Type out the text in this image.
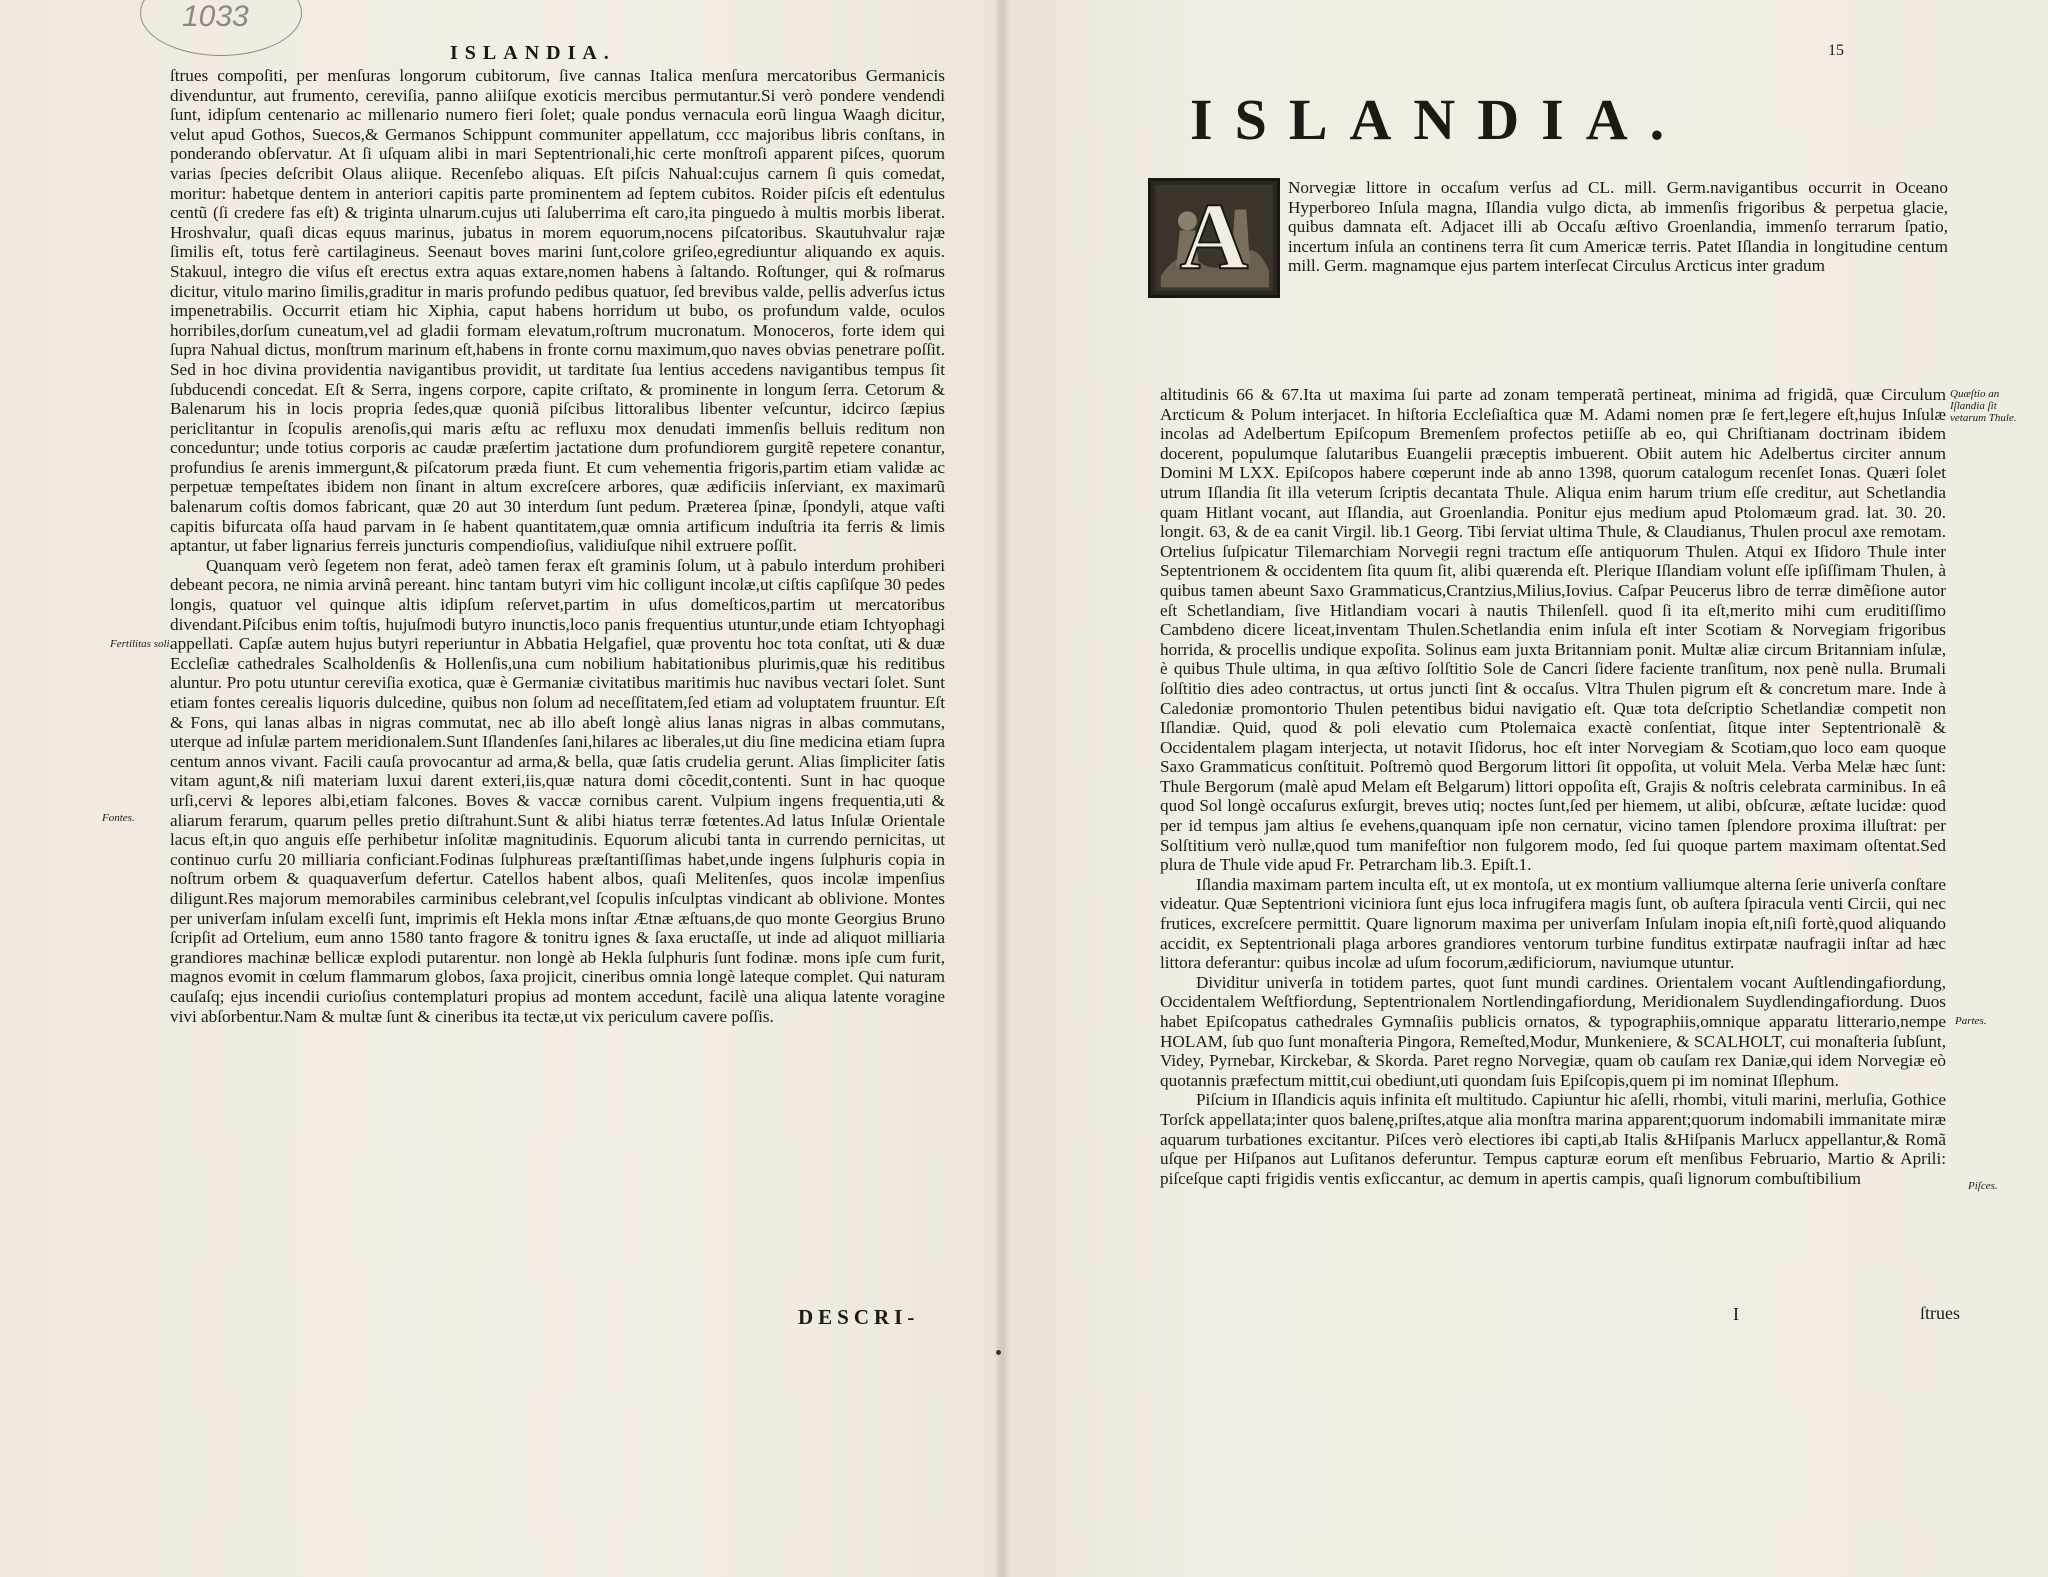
1033
ISLANDIA.

ſtrues compoſiti, per menſuras longorum cubitorum, ſive cannas Italica menſura mercatoribus Germanicis divenduntur, aut frumento, cereviſia, panno aliiſque exoticis mercibus permutantur.Si verò pondere vendendi ſunt, idipſum centenario ac millenario numero fieri ſolet; quale pondus vernacula eorũ lingua Waagh dicitur, velut apud Gothos, Suecos,& Germanos Schippunt communiter appellatum, ccc majoribus libris conſtans, in ponderando obſervatur. At ſi uſquam alibi in mari Septentrionali,hic certe monſtroſi apparent piſces, quorum varias ſpecies deſcribit Olaus aliique. Recenſebo aliquas. Eſt piſcis Nahual:cujus carnem ſi quis comedat, moritur: habetque dentem in anteriori capitis parte prominentem ad ſeptem cubitos. Roider piſcis eſt edentulus centũ (ſi credere fas eſt) & triginta ulnarum.cujus uti ſaluberrima eſt caro,ita pinguedo à multis morbis liberat. Hroshvalur, quaſi dicas equus marinus, jubatus in morem equorum,nocens piſcatoribus. Skautuhvalur rajæ ſimilis eſt, totus ferè cartilagineus. Seenaut boves marini ſunt,colore griſeo,egrediuntur aliquando ex aquis. Stakuul, integro die viſus eſt erectus extra aquas extare,nomen habens à ſaltando. Roſtunger, qui & roſmarus dicitur, vitulo marino ſimilis,graditur in maris profundo pedibus quatuor, ſed brevibus valde, pellis adverſus ictus impenetrabilis. Occurrit etiam hic Xiphia, caput habens horridum ut bubo, os profundum valde, oculos horribiles,dorſum cuneatum,vel ad gladii formam elevatum,roſtrum mucronatum. Monoceros, forte idem qui ſupra Nahual dictus, monſtrum marinum eſt,habens in fronte cornu maximum,quo naves obvias penetrare poſſit. Sed in hoc divina providentia navigantibus providit, ut tarditate ſua lentius accedens navigantibus tempus ſit ſubducendi concedat. Eſt & Serra, ingens corpore, capite criſtato, & prominente in longum ſerra. Cetorum & Balenarum his in locis propria ſedes,quæ quoniã piſcibus littoralibus libenter veſcuntur, idcirco ſæpius periclitantur in ſcopulis arenoſis,qui maris æſtu ac refluxu mox denudati immenſis belluis reditum non conceduntur; unde totius corporis ac caudæ præſertim jactatione dum profundiorem gurgitẽ repetere conantur, profundius ſe arenis immergunt,& piſcatorum præda fiunt. Et cum vehementia frigoris,partim etiam validæ ac perpetuæ tempeſtates ibidem non ſinant in altum excreſcere arbores, quæ ædificiis inſerviant, ex maximarũ balenarum coſtis domos fabricant, quæ 20 aut 30 interdum ſunt pedum. Præterea ſpinæ, ſpondyli, atque vaſti capitis bifurcata oſſa haud parvam in ſe habent quantitatem,quæ omnia artificum induſtria ita ferris & limis aptantur, ut faber lignarius ferreis juncturis compendioſius, validiuſque nihil extruere poſſit.

Quanquam verò ſegetem non ferat, adeò tamen ferax eſt graminis ſolum, ut à pabulo interdum prohiberi debeant pecora, ne nimia arvinâ pereant. hinc tantam butyri vim hic colligunt incolæ,ut ciſtis capſiſque 30 pedes longis, quatuor vel quinque altis idipſum reſervet,partim in uſus domeſticos,partim ut mercatoribus divendant.Piſcibus enim toſtis, hujuſmodi butyro inunctis,loco panis frequentius utuntur,unde etiam Ichtyophagi appellati. Capſæ autem hujus butyri reperiuntur in Abbatia Helgafiel, quæ proventu hoc tota conſtat, uti & duæ Eccleſiæ cathedrales Scalholdenſis & Hollenſis,una cum nobilium habitationibus plurimis,quæ his reditibus aluntur. Pro potu utuntur cereviſia exotica, quæ è Germaniæ civitatibus maritimis huc navibus vectari ſolet. Sunt etiam fontes cerealis liquoris dulcedine, quibus non ſolum ad neceſſitatem,ſed etiam ad voluptatem fruuntur. Eſt & Fons, qui lanas albas in nigras commutat, nec ab illo abeſt longè alius lanas nigras in albas commutans, uterque ad inſulæ partem meridionalem.Sunt Iſlandenſes ſani,hilares ac liberales,ut diu ſine medicina etiam ſupra centum annos vivant. Facili cauſa provocantur ad arma,& bella, quæ ſatis crudelia gerunt. Alias ſimpliciter ſatis vitam agunt,& niſi materiam luxui darent exteri,iis,quæ natura domi cõcedit,contenti. Sunt in hac quoque urſi,cervi & lepores albi,etiam falcones. Boves & vaccæ cornibus carent. Vulpium ingens frequentia,uti & aliarum ferarum, quarum pelles pretio diſtrahunt.Sunt & alibi hiatus terræ fœtentes.Ad latus Inſulæ Orientale lacus eſt,in quo anguis eſſe perhibetur inſolitæ magnitudinis. Equorum alicubi tanta in currendo pernicitas, ut continuo curſu 20 milliaria conficiant.Fodinas ſulphureas præſtantiſſimas habet,unde ingens ſulphuris copia in noſtrum orbem & quaquaverſum defertur. Catellos habent albos, quaſi Melitenſes, quos incolæ impenſius diligunt.Res majorum memorabiles carminibus celebrant,vel ſcopulis inſculptas vindicant ab oblivione. Montes per univerſam inſulam excelſi ſunt, imprimis eſt Hekla mons inſtar Ætnæ æſtuans,de quo monte Georgius Bruno ſcripſit ad Ortelium, eum anno 1580 tanto fragore & tonitru ignes & ſaxa eructaſſe, ut inde ad aliquot milliaria grandiores machinæ bellicæ explodi putarentur. non longè ab Hekla ſulphuris ſunt fodinæ. mons ipſe cum furit, magnos evomit in cœlum flammarum globos, ſaxa projicit, cineribus omnia longè lateque complet. Qui naturam cauſaſq; ejus incendii curioſius contemplaturi propius ad montem accedunt, facilè una aliqua latente voragine vivi abſorbentur.Nam & multæ ſunt & cineribus ita tectæ,ut vix periculum cavere poſſis.

Fertilitas soli.
Fontes.
DESCRI-
15
ISLANDIA.
A Norvegiæ littore in occaſum verſus ad CL. mill. Germ.navigantibus occurrit in Oceano Hyperboreo Inſula magna, Iſlandia vulgo dicta, ab immenſis frigoribus & perpetua glacie, quibus damnata eſt. Adjacet illi ab Occaſu æſtivo Groenlandia, immenſo terrarum ſpatio, incertum inſula an continens terra ſit cum Americæ terris. Patet Iſlandia in longitudine centum mill. Germ. magnamque ejus partem interſecat Circulus Arcticus inter gradum

altitudinis 66 & 67.Ita ut maxima ſui parte ad zonam temperatã pertineat, minima ad frigidã, quæ Circulum Arcticum & Polum interjacet. In hiſtoria Eccleſiaſtica quæ M. Adami nomen præ ſe fert,legere eſt,hujus Inſulæ incolas ad Adelbertum Epiſcopum Bremenſem profectos petiiſſe ab eo, qui Chriſtianam doctrinam ibidem docerent, populumque ſalutaribus Euangelii præceptis imbuerent. Obiit autem hic Adelbertus circiter annum Domini M LXX. Epiſcopos habere cœperunt inde ab anno 1398, quorum catalogum recenſet Ionas. Quæri ſolet utrum Iſlandia ſit illa veterum ſcriptis decantata Thule. Aliqua enim harum trium eſſe creditur, aut Schetlandia quam Hitlant vocant, aut Iſlandia, aut Groenlandia. Ponitur ejus medium apud Ptolomæum grad. lat. 30. 20. longit. 63, & de ea canit Virgil. lib.1 Georg. Tibi ſerviat ultima Thule, & Claudianus, Thulen procul axe remotam. Ortelius ſuſpicatur Tilemarchiam Norvegii regni tractum eſſe antiquorum Thulen. Atqui ex Iſidoro Thule inter Septentrionem & occidentem ſita quum ſit, alibi quærenda eſt. Plerique Iſlandiam volunt eſſe ipſiſſimam Thulen, à quibus tamen abeunt Saxo Grammaticus,Crantzius,Milius,Iovius. Caſpar Peucerus libro de terræ dimẽſione autor eſt Schetlandiam, ſive Hitlandiam vocari à nautis Thilenſell. quod ſi ita eſt,merito mihi cum eruditiſſimo Cambdeno dicere liceat,inventam Thulen.Schetlandia enim inſula eſt inter Scotiam & Norvegiam frigoribus horrida, & procellis undique expoſita. Solinus eam juxta Britanniam ponit. Multæ aliæ circum Britanniam inſulæ, è quibus Thule ultima, in qua æſtivo ſolſtitio Sole de Cancri ſidere faciente tranſitum, nox penè nulla. Brumali ſolſtitio dies adeo contractus, ut ortus juncti ſint & occaſus. Vltra Thulen pigrum eſt & concretum mare. Inde à Caledoniæ promontorio Thulen petentibus bidui navigatio eſt. Quæ tota deſcriptio Schetlandiæ competit non Iſlandiæ. Quid, quod & poli elevatio cum Ptolemaica exactè conſentiat, ſitque inter Septentrionalẽ & Occidentalem plagam interjecta, ut notavit Iſidorus, hoc eſt inter Norvegiam & Scotiam,quo loco eam quoque Saxo Grammaticus conſtituit. Poſtremò quod Bergorum littori ſit oppoſita, ut voluit Mela. Verba Melæ hæc ſunt: Thule Bergorum (malè apud Melam eſt Belgarum) littori oppoſita eſt, Grajis & noſtris celebrata carminibus. In eâ quod Sol longè occaſurus exſurgit, breves utiq; noctes ſunt,ſed per hiemem, ut alibi, obſcuræ, æſtate lucidæ: quod per id tempus jam altius ſe evehens,quanquam ipſe non cernatur, vicino tamen ſplendore proxima illuſtrat: per Solſtitium verò nullæ,quod tum manifeſtior non fulgorem modo, ſed ſui quoque partem maximam oſtentat.Sed plura de Thule vide apud Fr. Petrarcham lib.3. Epiſt.1.

Iſlandia maximam partem inculta eſt, ut ex montoſa, ut ex montium valliumque alterna ſerie univerſa conſtare videatur. Quæ Septentrioni viciniora ſunt ejus loca infrugifera magis ſunt, ob auſtera ſpiracula venti Circii, qui nec frutices, excreſcere permittit. Quare lignorum maxima per univerſam Inſulam inopia eſt,niſi fortè,quod aliquando accidit, ex Septentrionali plaga arbores grandiores ventorum turbine funditus extirpatæ naufragii inſtar ad hæc littora deferantur: quibus incolæ ad uſum focorum,ædificiorum, naviumque utuntur.

Dividitur univerſa in totidem partes, quot ſunt mundi cardines. Orientalem vocant Auſtlendingafiordung, Occidentalem Weſtfiordung, Septentrionalem Nortlendingafiordung, Meridionalem Suydlendingafiordung. Duos habet Epiſcopatus cathedrales Gymnaſiis publicis ornatos, & typographiis,omnique apparatu litterario,nempe HOLAM, ſub quo ſunt monaſteria Pingora, Remeſted,Modur, Munkeniere, & SCALHOLT, cui monaſteria ſubſunt, Videy, Pyrnebar, Kirckebar, & Skorda. Paret regno Norvegiæ, quam ob cauſam rex Daniæ,qui idem Norvegiæ eò quotannis præfectum mittit,cui obediunt,uti quondam ſuis Epiſcopis,quem pi im nominat Iſlephum.

Piſcium in Iſlandicis aquis infinita eſt multitudo. Capiuntur hic aſelli, rhombi, vituli marini, merluſia, Gothice Torſck appellata;inter quos balenę,priſtes,atque alia monſtra marina apparent;quorum indomabili immanitate miræ aquarum turbationes excitantur. Piſces verò electiores ibi capti,ab Italis &Hiſpanis Marlucx appellantur,& Romã uſque per Hiſpanos aut Luſitanos deferuntur. Tempus capturæ eorum eſt menſibus Februario, Martio & Aprili: piſceſque capti frigidis ventis exſiccantur, ac demum in apertis campis, quaſi lignorum combuſtibilium

Quæſtio an Iſlandia ſit vetarum Thule.
Partes.
Piſces.
I	ſtrues
